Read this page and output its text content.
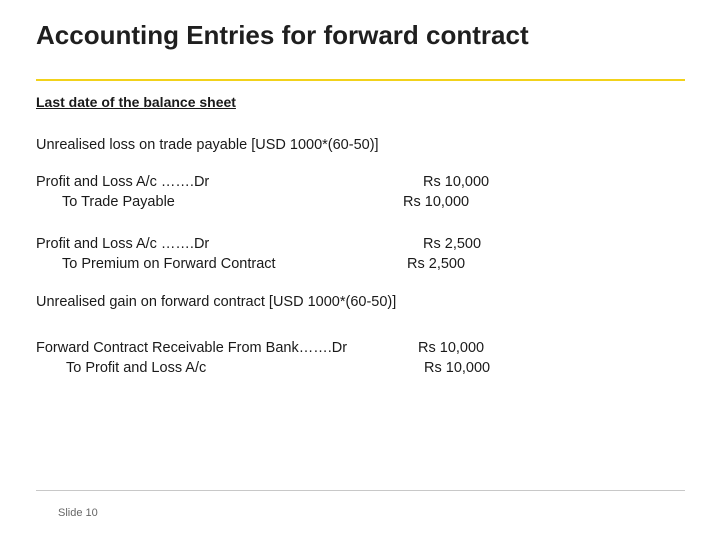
Accounting Entries for forward contract
Last date of the balance sheet
Unrealised loss on trade payable [USD 1000*(60-50)]
Profit and Loss A/c …….Dr
To Trade Payable
Rs 10,000
Rs 10,000
Profit and Loss A/c …….Dr
To Premium on Forward Contract
Rs 2,500
Rs 2,500
Unrealised gain on forward contract [USD 1000*(60-50)]
Forward Contract Receivable From Bank…….Dr
To Profit and Loss A/c
Rs 10,000
Rs 10,000
Slide 10
